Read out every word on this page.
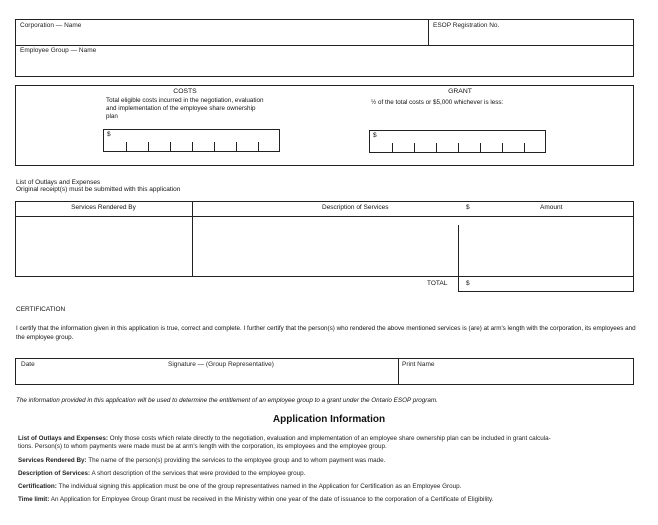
Corporation — Name	ESOP Registration No.
Employee Group — Name
COSTS
Total eligible costs incurred in the negotiation, evaluation and implementation of the employee share ownership plan
$
GRANT
½ of the total costs or $5,000 whichever is less:
$
List of Outlays and Expenses
Original receipt(s) must be submitted with this application
Services Rendered By	Description of Services	$	Amount
TOTAL	$
CERTIFICATION
I certify that the information given in this application is true, correct and complete. I further certify that the person(s) who rendered the above mentioned services is (are) at arm's length with the corporation, its employees and the employee group.
Date	Signature — (Group Representative)	Print Name
The information provided in this application will be used to determine the entitlement of an employee group to a grant under the Ontario ESOP program.
Application Information
List of Outlays and Expenses: Only those costs which relate directly to the negotiation, evaluation and implementation of an employee share ownership plan can be included in grant calcula-
tions. Person(s) to whom payments were made must be at arm's length with the corporation, its employees and the employee group.
Services Rendered By: The name of the person(s) providing the services to the employee group and to whom payment was made.
Description of Services: A short description of the services that were provided to the employee group.
Certification: The individual signing this application must be one of the group representatives named in the Application for Certification as an Employee Group.
Time limit: An Application for Employee Group Grant must be received in the Ministry within one year of the date of issuance to the corporation of a Certificate of Eligibility.
